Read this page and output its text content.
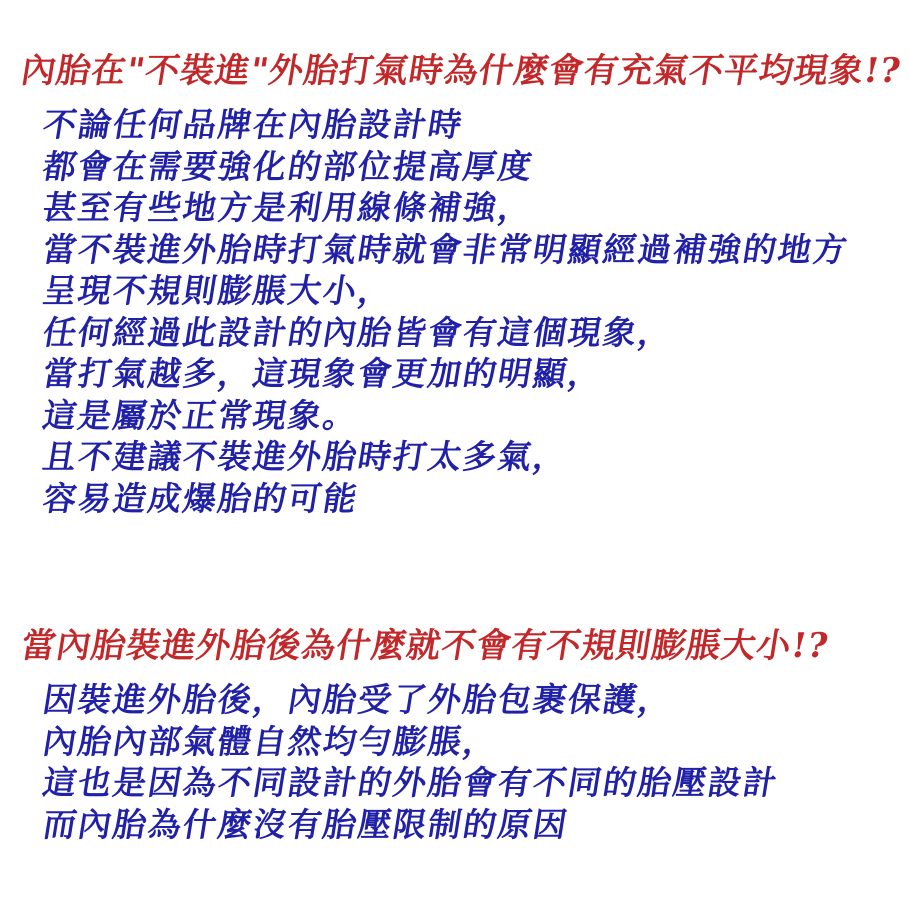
內胎在"不裝進"外胎打氣時為什麼會有充氣不平均現象!?
不論任何品牌在內胎設計時
都會在需要強化的部位提高厚度
甚至有些地方是利用線條補強，
當不裝進外胎時打氣時就會非常明顯經過補強的地方
呈現不規則膨脹大小，
任何經過此設計的內胎皆會有這個現象，
當打氣越多，這現象會更加的明顯，
這是屬於正常現象。
且不建議不裝進外胎時打太多氣，
容易造成爆胎的可能
當內胎裝進外胎後為什麼就不會有不規則膨脹大小!?
因裝進外胎後，內胎受了外胎包裹保護，
內胎內部氣體自然均勻膨脹，
這也是因為不同設計的外胎會有不同的胎壓設計
而內胎為什麼沒有胎壓限制的原因
